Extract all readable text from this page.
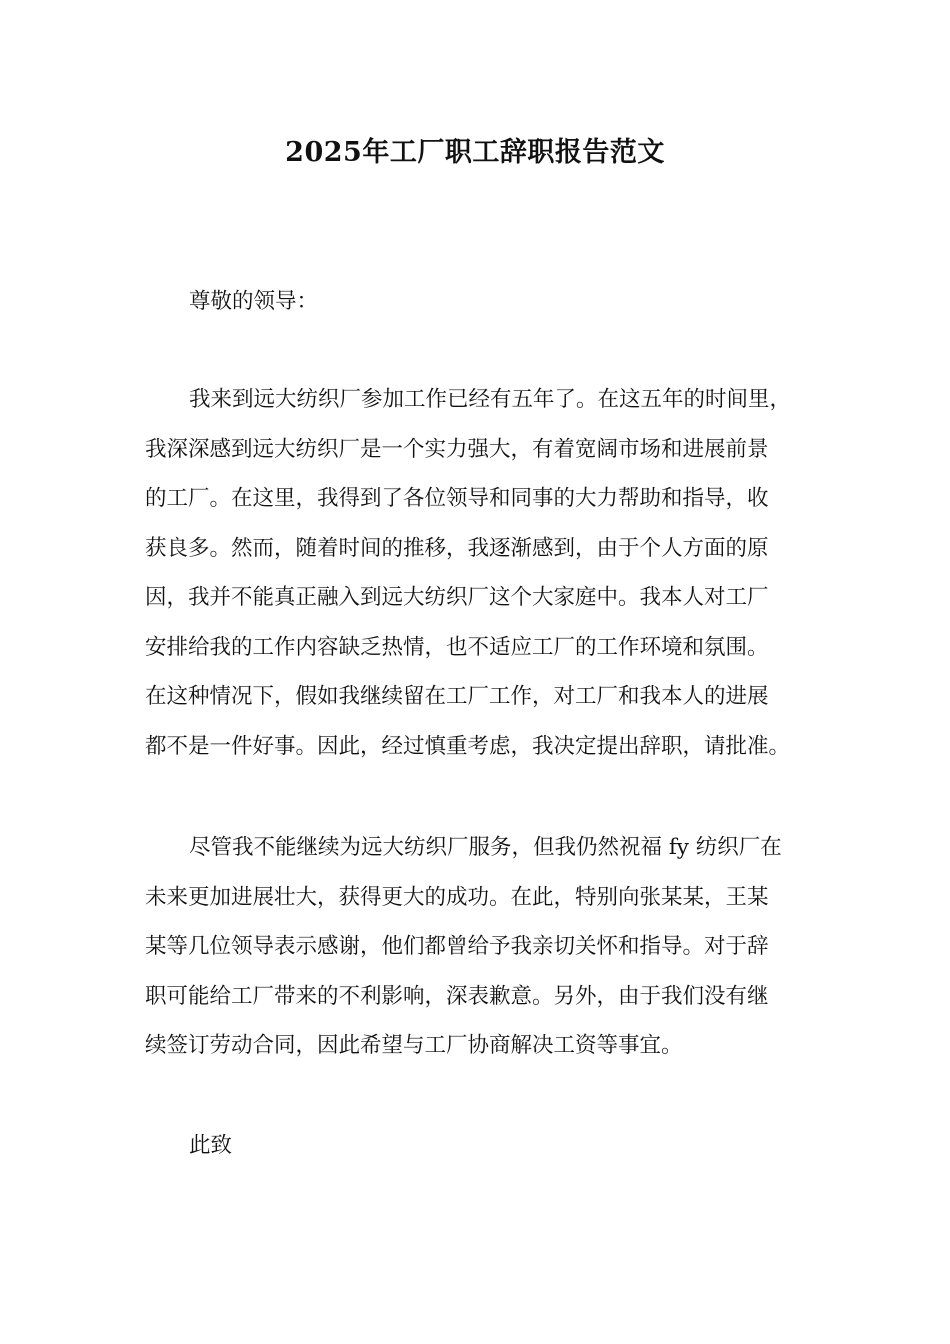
2025年工厂职工辞职报告范文
尊敬的领导：
我来到远大纺织厂参加工作已经有五年了。在这五年的时间里，
我深深感到远大纺织厂是一个实力强大，有着宽阔市场和进展前景
的工厂。在这里，我得到了各位领导和同事的大力帮助和指导，收
获良多。然而，随着时间的推移，我逐渐感到，由于个人方面的原
因，我并不能真正融入到远大纺织厂这个大家庭中。我本人对工厂
安排给我的工作内容缺乏热情，也不适应工厂的工作环境和氛围。
在这种情况下，假如我继续留在工厂工作，对工厂和我本人的进展
都不是一件好事。因此，经过慎重考虑，我决定提出辞职，请批准。
尽管我不能继续为远大纺织厂服务，但我仍然祝福 fy 纺织厂在
未来更加进展壮大，获得更大的成功。在此，特别向张某某，王某
某等几位领导表示感谢，他们都曾给予我亲切关怀和指导。对于辞
职可能给工厂带来的不利影响，深表歉意。另外，由于我们没有继
续签订劳动合同，因此希望与工厂协商解决工资等事宜。
此致
